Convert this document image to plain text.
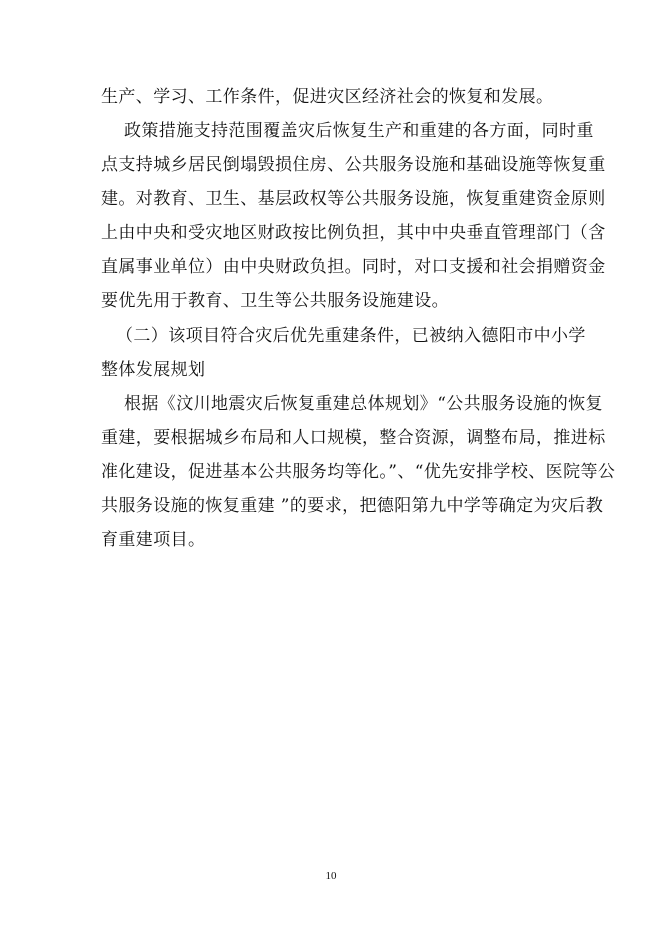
生产、学习、工作条件，促进灾区经济社会的恢复和发展。
政策措施支持范围覆盖灾后恢复生产和重建的各方面，同时重
点支持城乡居民倒塌毁损住房、公共服务设施和基础设施等恢复重
建。对教育、卫生、基层政权等公共服务设施，恢复重建资金原则
上由中央和受灾地区财政按比例负担，其中中央垂直管理部门（含
直属事业单位）由中央财政负担。同时，对口支援和社会捐赠资金
要优先用于教育、卫生等公共服务设施建设。
（二）该项目符合灾后优先重建条件，已被纳入德阳市中小学
整体发展规划
根据《汶川地震灾后恢复重建总体规划》“公共服务设施的恢复
重建，要根据城乡布局和人口规模，整合资源，调整布局，推进标
准化建设，促进基本公共服务均等化。”、“优先安排学校、医院等公
共服务设施的恢复重建 ”的要求，把德阳第九中学等确定为灾后教
育重建项目。
10
